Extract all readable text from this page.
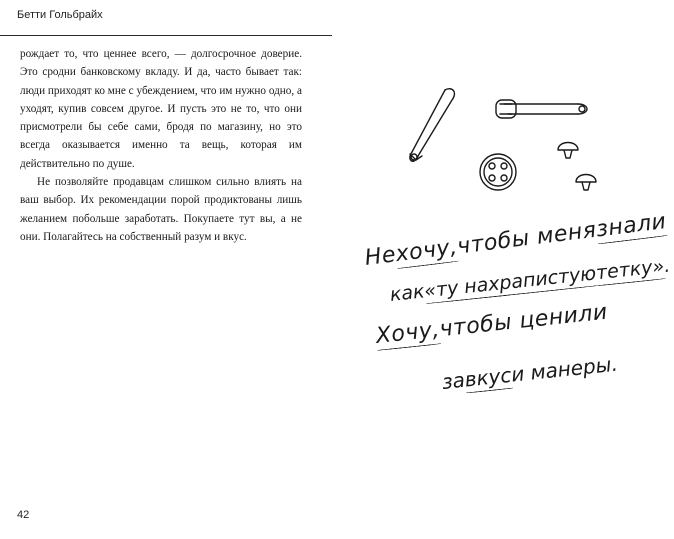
Бетти Гольбрайх

рождает то, что ценнее всего, — долгосрочное доверие. Это сродни банковскому вкладу. И да, часто бывает так: люди приходят ко мне с убеждением, что им нужно одно, а уходят, купив совсем другое. И пусть это не то, что они присмотрели бы себе сами, бродя по магазину, но это всегда оказывается именно та вещь, которая им действительно по душе.

Не позволяйте продавцам слишком сильно влиять на ваш выбор. Их рекомендации порой продиктованы лишь желанием побольше заработать. Покупаете тут вы, а не они. Полагайтесь на собственный разум и вкус.

42
Нехочу,чтобы менязнали
как«ту нахрапистуютетку».
Хочу,чтобы ценили
завкуси манеры.
